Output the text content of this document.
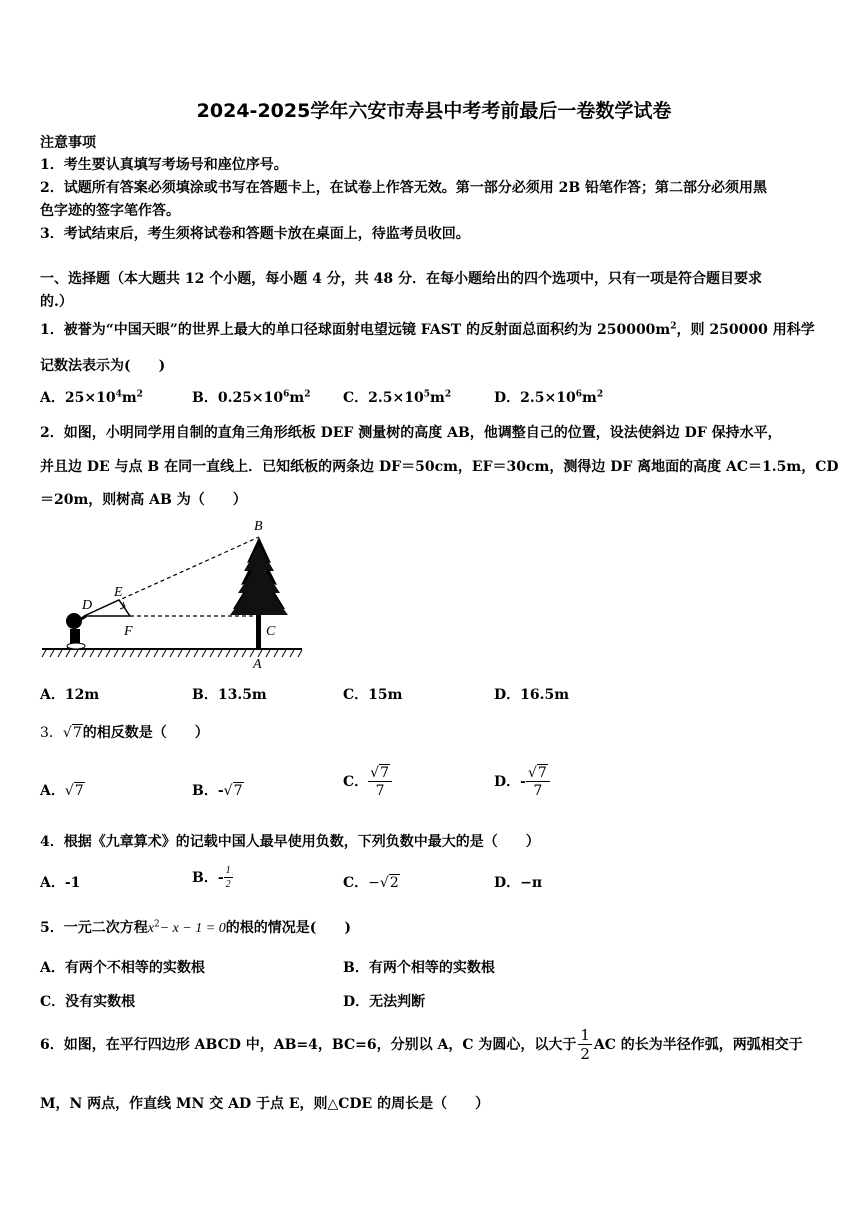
2024-2025学年六安市寿县中考考前最后一卷数学试卷
注意事项
1．考生要认真填写考场号和座位序号。
2．试题所有答案必须填涂或书写在答题卡上，在试卷上作答无效。第一部分必须用 2B 铅笔作答；第二部分必须用黑
色字迹的签字笔作答。
3．考试结束后，考生须将试卷和答题卡放在桌面上，待监考员收回。
一、选择题（本大题共 12 个小题，每小题 4 分，共 48 分．在每小题给出的四个选项中，只有一项是符合题目要求
的.）
1．被誉为“中国天眼”的世界上最大的单口径球面射电望远镜 FAST 的反射面总面积约为 $250000m^2$，则 250000 用科学
记数法表示为(　　)
A．$25\times 10^4m^2$	B．$0.25\times 10^6m^2$ C．$2.5\times 10^5m^2$	D．$2.5\times 10^6m^2$
2．如图，小明同学用自制的直角三角形纸板 DEF 测量树的高度 AB，他调整自己的位置，设法使斜边 DF 保持水平，
并且边 DE 与点 B 在同一直线上．已知纸板的两条边 DF＝50cm，EF＝30cm，测得边 DF 离地面的高度 AC＝1.5m，CD
＝20m，则树高 AB 为（　　）
B
E
D
F	C
A
A．12m	B．13.5m	C．15m	D．16.5m
3．√7的相反数是（　　）
A．√7	B．-√7
C． $\frac{√7}{7}$	D．- $\frac{√7}{7}$
4．根据《九章算术》的记载中国人最早使用负数，下列负数中最大的是（　　）
A．-1	B．- $\frac{1}{2}$	C．−√2	D．−π
5．一元二次方程$x^2- x - 1 = 0$的根的情况是(　　)
A．有两个不相等的实数根	B．有两个相等的实数根
C．没有实数根	D．无法判断
6．如图，在平行四边形 ABCD 中，AB=4，BC=6，分别以 A，C 为圆心，以大于 $\frac{1}{2}$ AC 的长为半径作弧，两弧相交于
M，N 两点，作直线 MN 交 AD 于点 E，则△CDE 的周长是（　　）
